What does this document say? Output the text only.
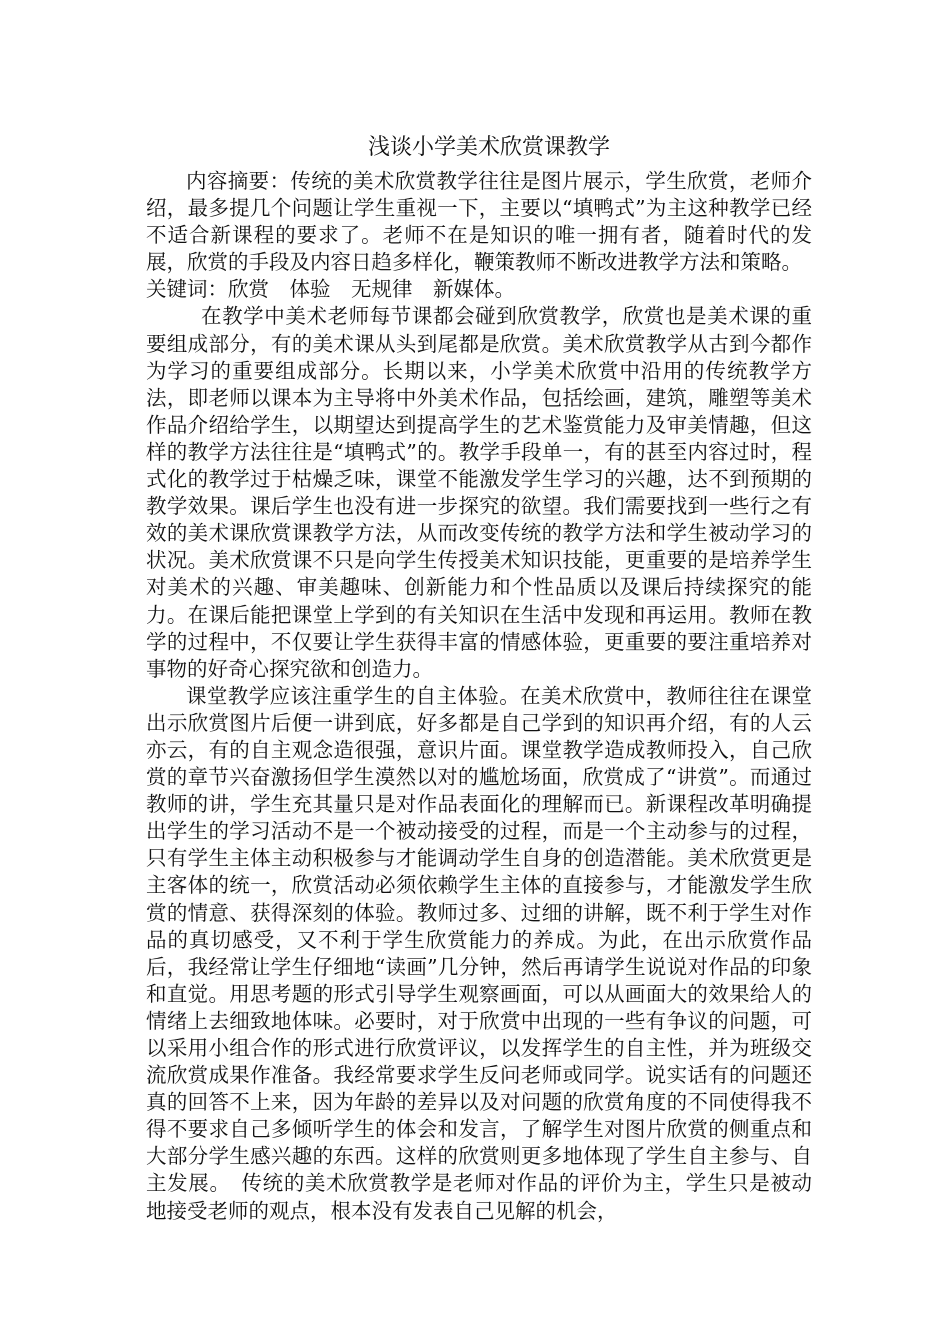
浅谈小学美术欣赏课教学

内容摘要：传统的美术欣赏教学往往是图片展示，学生欣赏，老师介绍，最多提几个问题让学生重视一下，主要以“填鸭式”为主这种教学已经不适合新课程的要求了。老师不在是知识的唯一拥有者，随着时代的发展，欣赏的手段及内容日趋多样化，鞭策教师不断改进教学方法和策略。

关键词：欣赏　体验　无规律　新媒体。

在教学中美术老师每节课都会碰到欣赏教学，欣赏也是美术课的重要组成部分，有的美术课从头到尾都是欣赏。美术欣赏教学从古到今都作为学习的重要组成部分。长期以来，小学美术欣赏中沿用的传统教学方法，即老师以课本为主导将中外美术作品，包括绘画，建筑，雕塑等美术作品介绍给学生，以期望达到提高学生的艺术鉴赏能力及审美情趣，但这样的教学方法往往是“填鸭式”的。教学手段单一，有的甚至内容过时，程式化的教学过于枯燥乏味，课堂不能激发学生学习的兴趣，达不到预期的教学效果。课后学生也没有进一步探究的欲望。我们需要找到一些行之有效的美术课欣赏课教学方法，从而改变传统的教学方法和学生被动学习的状况。美术欣赏课不只是向学生传授美术知识技能，更重要的是培养学生对美术的兴趣、审美趣味、创新能力和个性品质以及课后持续探究的能力。在课后能把课堂上学到的有关知识在生活中发现和再运用。教师在教学的过程中，不仅要让学生获得丰富的情感体验，更重要的要注重培养对事物的好奇心探究欲和创造力。

课堂教学应该注重学生的自主体验。在美术欣赏中，教师往往在课堂出示欣赏图片后便一讲到底，好多都是自己学到的知识再介绍，有的人云亦云，有的自主观念造很强，意识片面。课堂教学造成教师投入，自己欣赏的章节兴奋激扬但学生漠然以对的尴尬场面，欣赏成了“讲赏”。而通过教师的讲，学生充其量只是对作品表面化的理解而已。新课程改革明确提出学生的学习活动不是一个被动接受的过程，而是一个主动参与的过程，只有学生主体主动积极参与才能调动学生自身的创造潜能。美术欣赏更是主客体的统一，欣赏活动必须依赖学生主体的直接参与，才能激发学生欣赏的情意、获得深刻的体验。教师过多、过细的讲解，既不利于学生对作品的真切感受，又不利于学生欣赏能力的养成。为此，在出示欣赏作品后，我经常让学生仔细地“读画”几分钟，然后再请学生说说对作品的印象和直觉。用思考题的形式引导学生观察画面，可以从画面大的效果给人的情绪上去细致地体味。必要时，对于欣赏中出现的一些有争议的问题，可以采用小组合作的形式进行欣赏评议，以发挥学生的自主性，并为班级交流欣赏成果作准备。我经常要求学生反问老师或同学。说实话有的问题还真的回答不上来，因为年龄的差异以及对问题的欣赏角度的不同使得我不得不要求自己多倾听学生的体会和发言，了解学生对图片欣赏的侧重点和大部分学生感兴趣的东西。这样的欣赏则更多地体现了学生自主参与、自主发展。　传统的美术欣赏教学是老师对作品的评价为主，学生只是被动地接受老师的观点，根本没有发表自己见解的机会，
